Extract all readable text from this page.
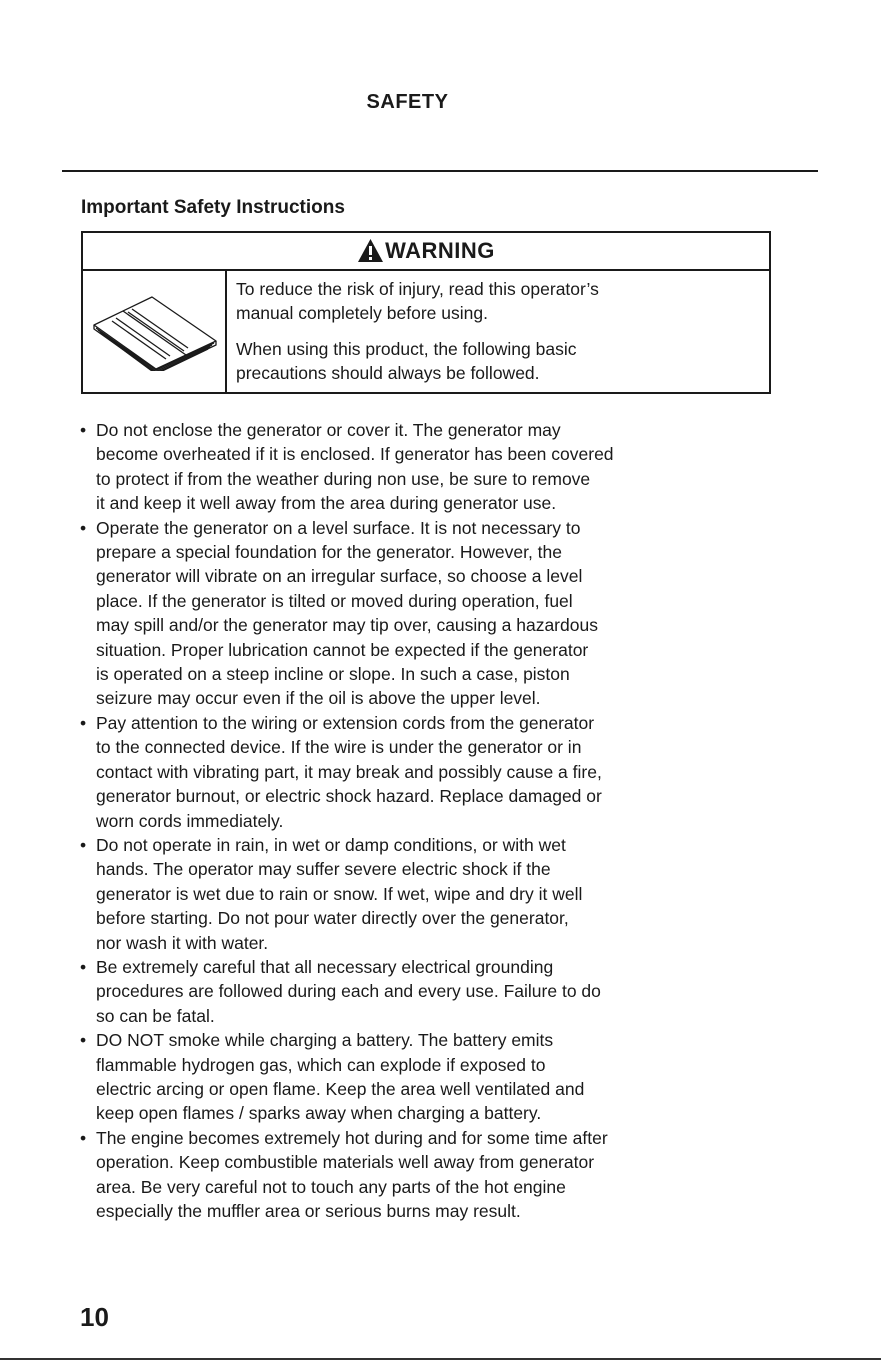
SAFETY
Important Safety Instructions
WARNING

To reduce the risk of injury, read this operator’s
manual completely before using.

When using this product, the following basic
precautions should always be followed.

• Do not enclose the generator or cover it. The generator may
become overheated if it is enclosed. If generator has been covered
to protect if from the weather during non use, be sure to remove
it and keep it well away from the area during generator use.
• Operate the generator on a level surface. It is not necessary to
prepare a special foundation for the generator. However, the
generator will vibrate on an irregular surface, so choose a level
place. If the generator is tilted or moved during operation, fuel
may spill and/or the generator may tip over, causing a hazardous
situation. Proper lubrication cannot be expected if the generator
is operated on a steep incline or slope. In such a case, piston
seizure may occur even if the oil is above the upper level.
• Pay attention to the wiring or extension cords from the generator
to the connected device. If the wire is under the generator or in
contact with vibrating part, it may break and possibly cause a fire,
generator burnout, or electric shock hazard. Replace damaged or
worn cords immediately.
• Do not operate in rain, in wet or damp conditions, or with wet
hands. The operator may suffer severe electric shock if the
generator is wet due to rain or snow. If wet, wipe and dry it well
before starting. Do not pour water directly over the generator,
nor wash it with water.
• Be extremely careful that all necessary electrical grounding
procedures are followed during each and every use. Failure to do
so can be fatal.
• DO NOT smoke while charging a battery. The battery emits
flammable hydrogen gas, which can explode if exposed to
electric arcing or open flame. Keep the area well ventilated and
keep open flames / sparks away when charging a battery.
• The engine becomes extremely hot during and for some time after
operation. Keep combustible materials well away from generator
area. Be very careful not to touch any parts of the hot engine
especially the muffler area or serious burns may result.
10
